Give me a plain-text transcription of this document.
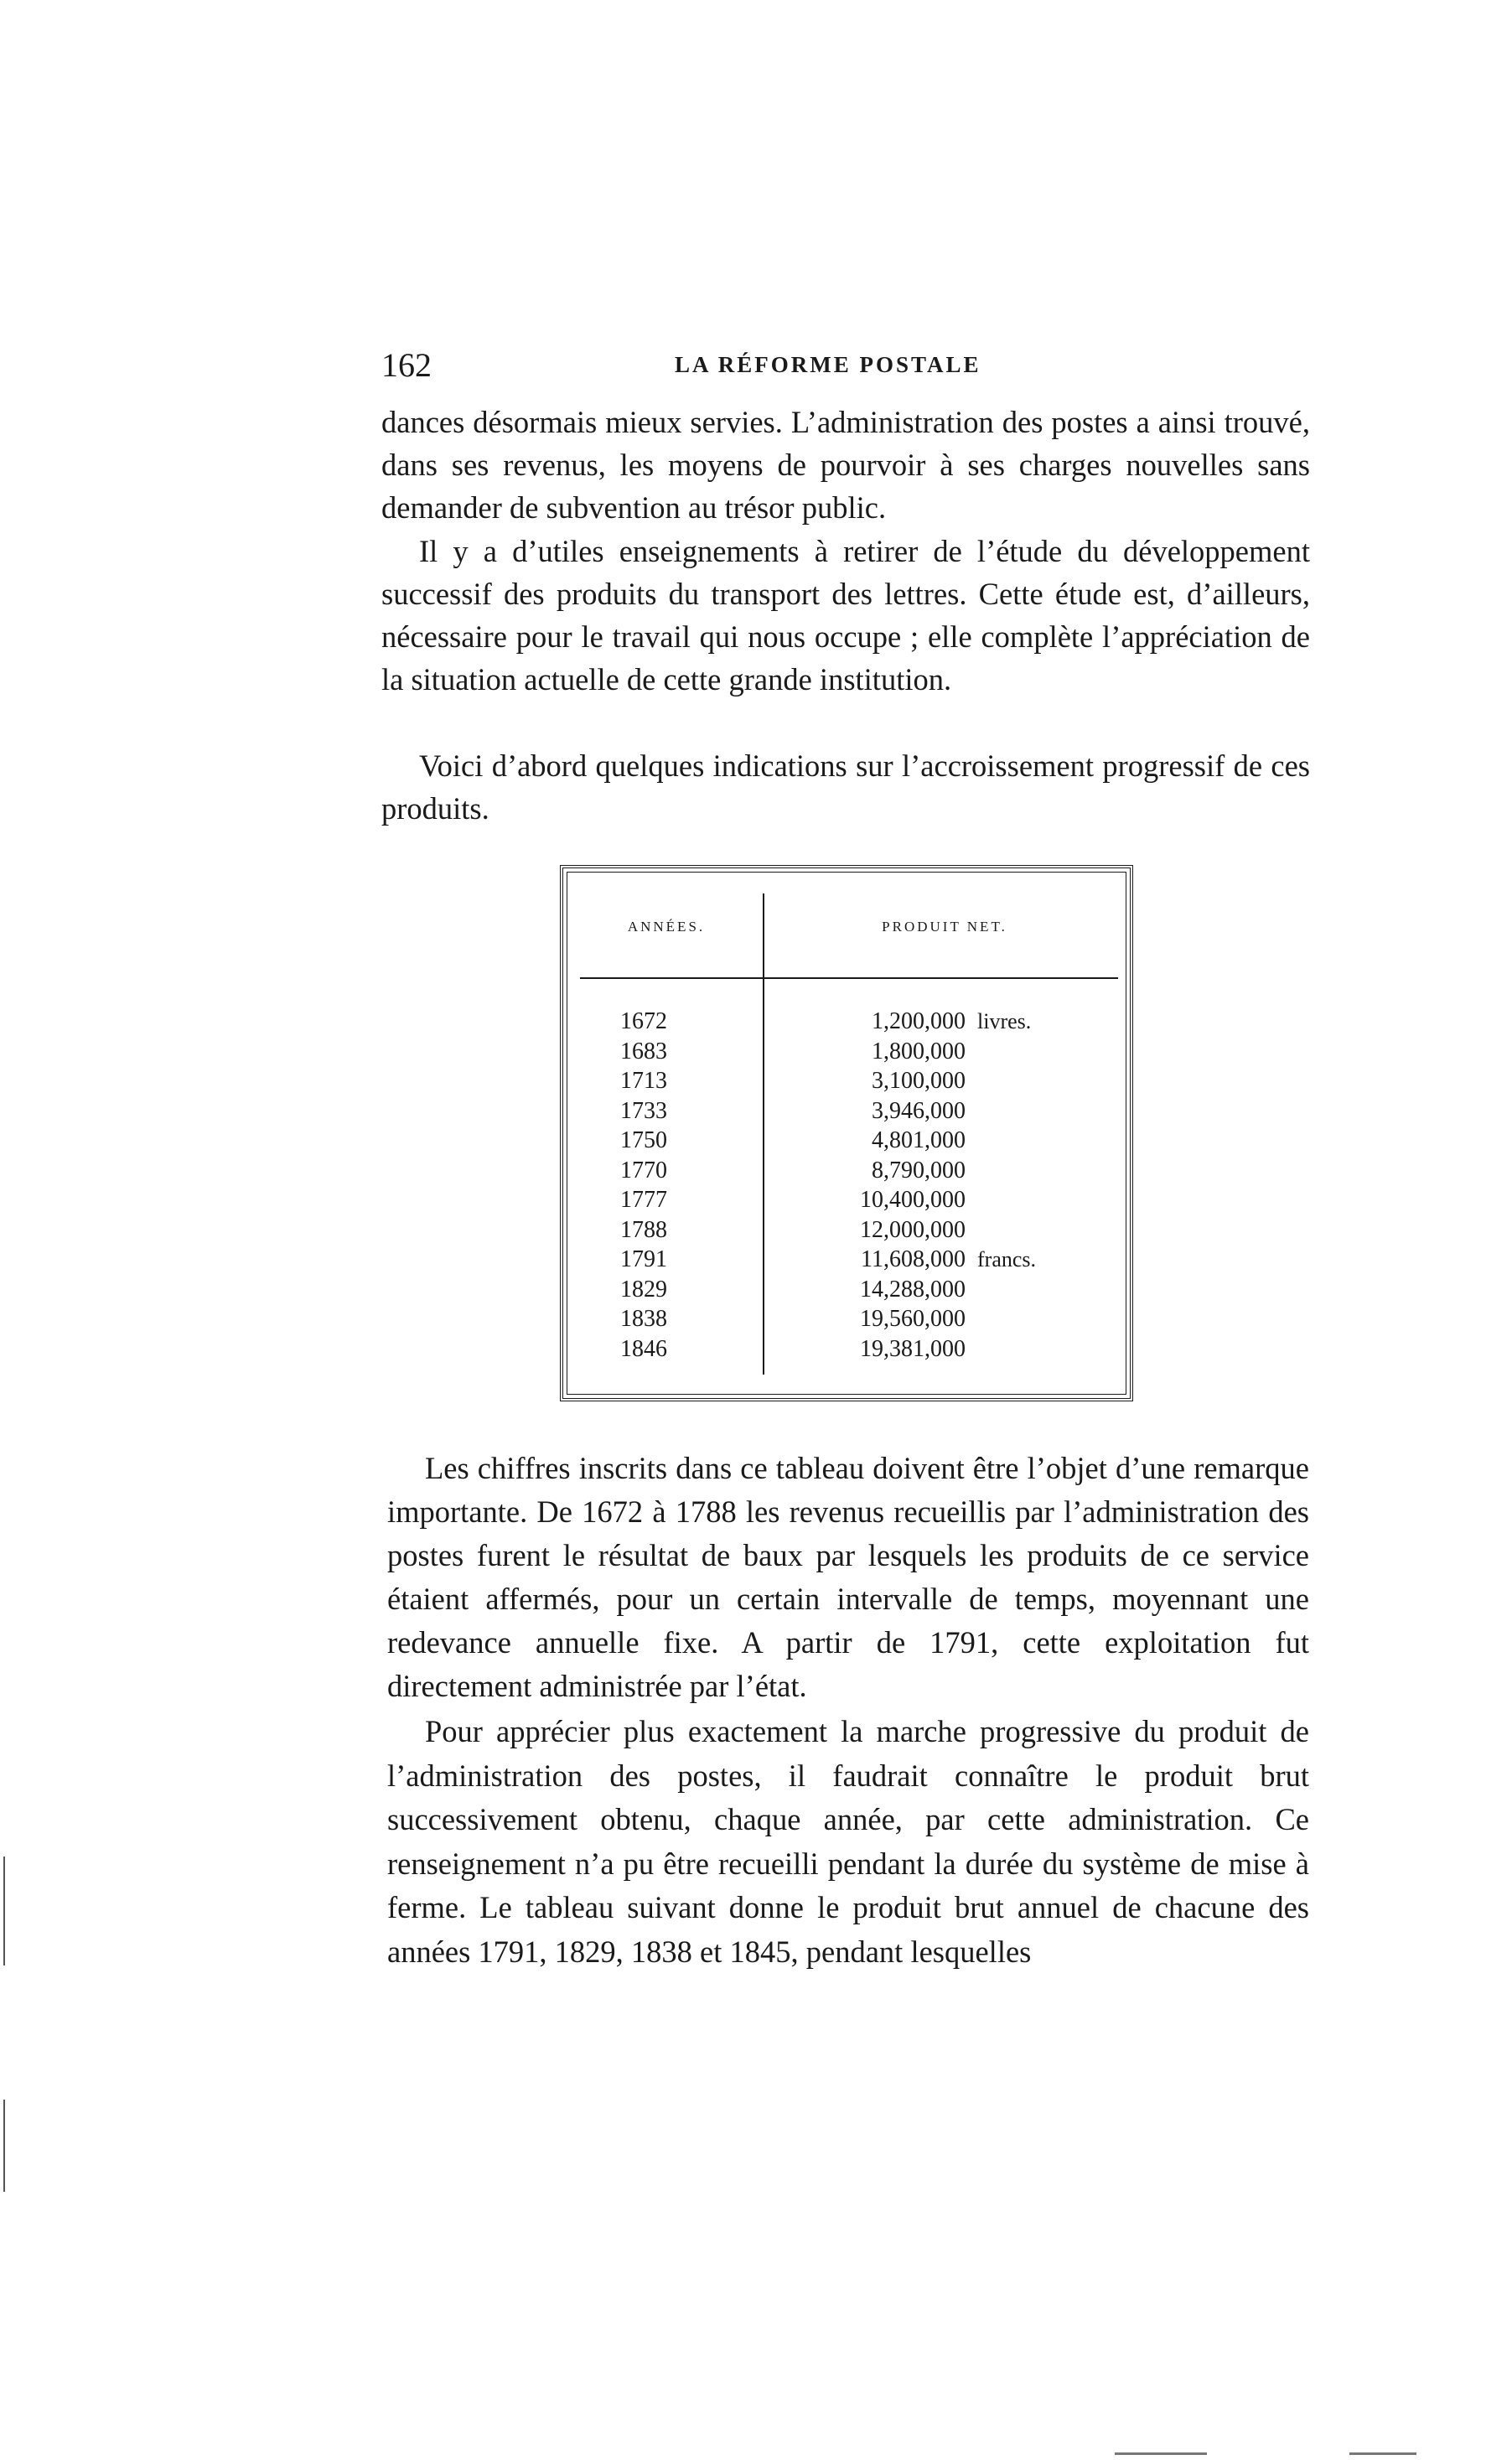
162	LA RÉFORME POSTALE

dances désormais mieux servies. L’administration des postes a ainsi trouvé, dans ses revenus, les moyens de pourvoir à ses charges nouvelles sans demander de subvention au trésor public.

Il y a d’utiles enseignements à retirer de l’étude du développement successif des produits du transport des lettres. Cette étude est, d’ailleurs, nécessaire pour le travail qui nous occupe ; elle complète l’appréciation de la situation actuelle de cette grande institution.

Voici d’abord quelques indications sur l’accroissement progressif de ces produits.

ANNÉES.	PRODUIT NET.
1672	1,200,000 livres.
1683	1,800,000
1713	3,100,000
1733	3,946,000
1750	4,801,000
1770	8,790,000
1777	10,400,000
1788	12,000,000
1791	11,608,000 francs.
1829	14,288,000
1838	19,560,000
1846	19,381,000

Les chiffres inscrits dans ce tableau doivent être l’objet d’une remarque importante. De 1672 à 1788 les revenus recueillis par l’administration des postes furent le résultat de baux par lesquels les produits de ce service étaient affermés, pour un certain intervalle de temps, moyennant une redevance annuelle fixe. A partir de 1791, cette exploitation fut directement administrée par l’état.

Pour apprécier plus exactement la marche progressive du produit de l’administration des postes, il faudrait connaître le produit brut successivement obtenu, chaque année, par cette administration. Ce renseignement n’a pu être recueilli pendant la durée du système de mise à ferme. Le tableau suivant donne le produit brut annuel de chacune des années 1791, 1829, 1838 et 1845, pendant lesquelles
